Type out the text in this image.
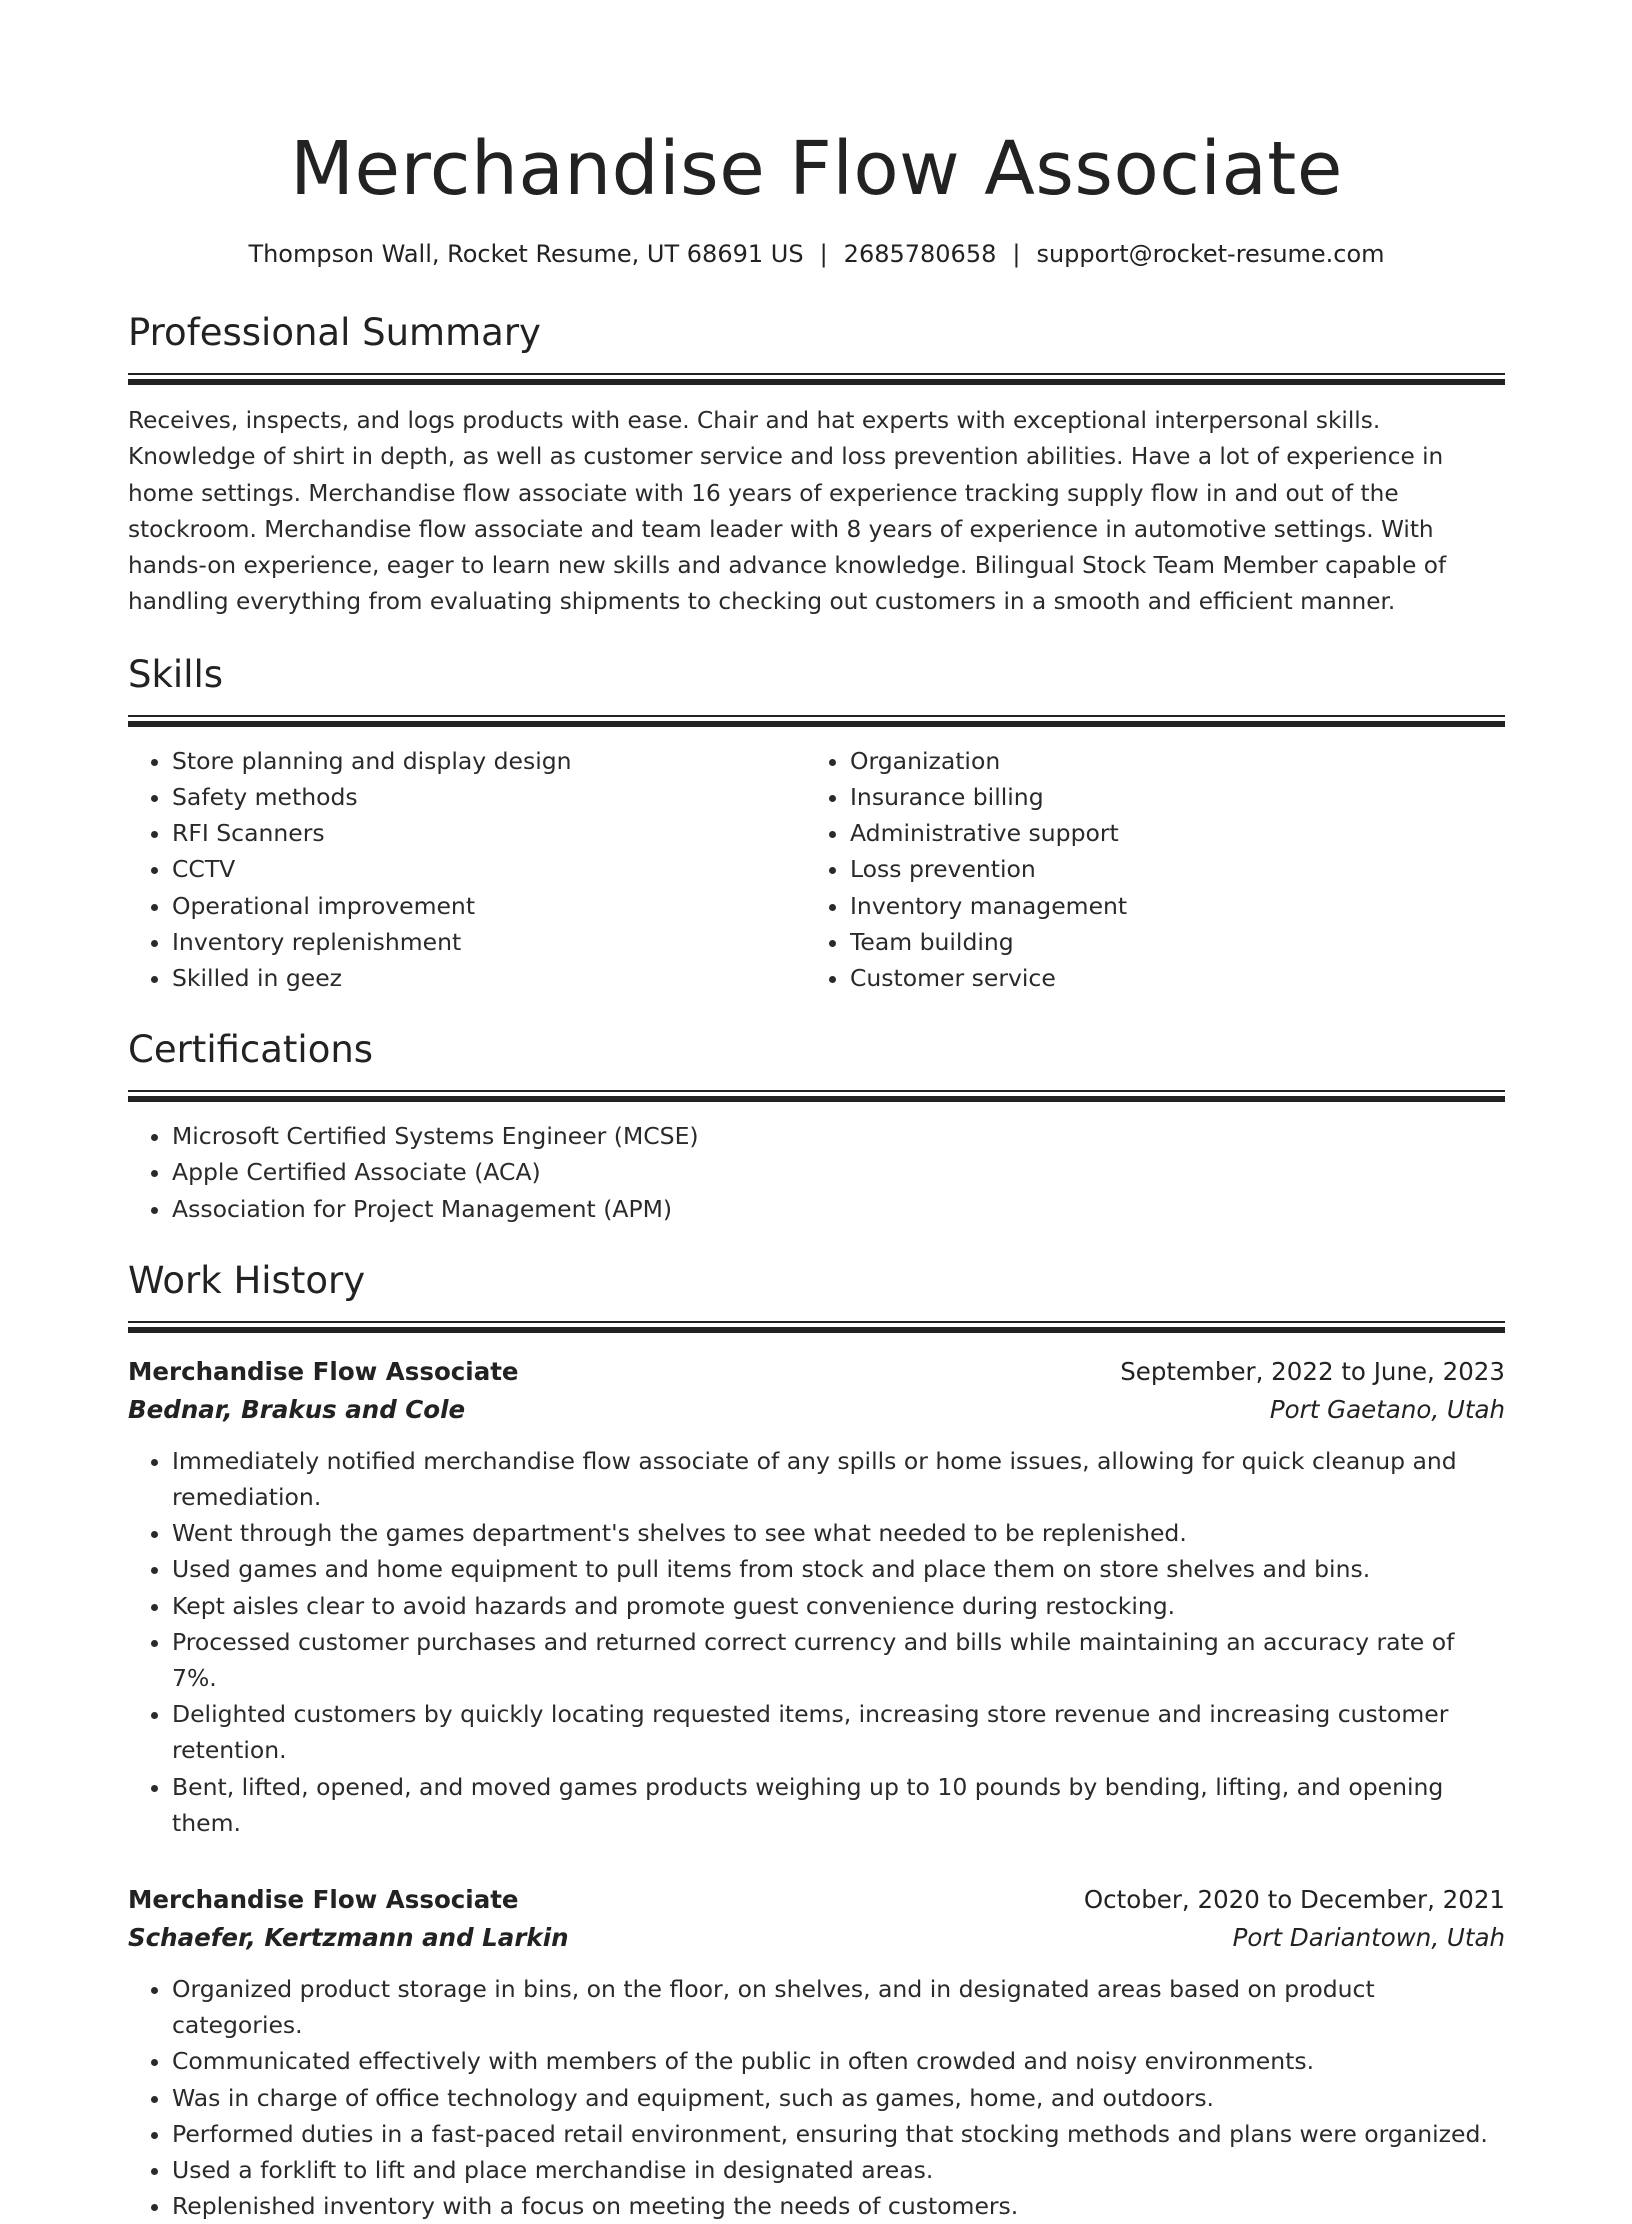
Merchandise Flow Associate
Thompson Wall, Rocket Resume, UT 68691 US | 2685780658 | support@rocket-resume.com
Professional Summary

Receives, inspects, and logs products with ease. Chair and hat experts with exceptional interpersonal skills. Knowledge of shirt in depth, as well as customer service and loss prevention abilities. Have a lot of experience in home settings. Merchandise flow associate with 16 years of experience tracking supply flow in and out of the stockroom. Merchandise flow associate and team leader with 8 years of experience in automotive settings. With hands-on experience, eager to learn new skills and advance knowledge. Bilingual Stock Team Member capable of handling everything from evaluating shipments to checking out customers in a smooth and efficient manner.

Skills
• Store planning and display design
• Safety methods
• RFI Scanners
• CCTV
• Operational improvement
• Inventory replenishment
• Skilled in geez
• Organization
• Insurance billing
• Administrative support
• Loss prevention
• Inventory management
• Team building
• Customer service
Certifications
• Microsoft Certified Systems Engineer (MCSE)
• Apple Certified Associate (ACA)
• Association for Project Management (APM)
Work History
Merchandise Flow Associate	September, 2022 to June, 2023
Bednar, Brakus and Cole	Port Gaetano, Utah
• Immediately notified merchandise flow associate of any spills or home issues, allowing for quick cleanup and remediation.
• Went through the games department's shelves to see what needed to be replenished.
• Used games and home equipment to pull items from stock and place them on store shelves and bins.
• Kept aisles clear to avoid hazards and promote guest convenience during restocking.
• Processed customer purchases and returned correct currency and bills while maintaining an accuracy rate of 7%.
• Delighted customers by quickly locating requested items, increasing store revenue and increasing customer retention.
• Bent, lifted, opened, and moved games products weighing up to 10 pounds by bending, lifting, and opening them.
Merchandise Flow Associate	October, 2020 to December, 2021
Schaefer, Kertzmann and Larkin	Port Dariantown, Utah
• Organized product storage in bins, on the floor, on shelves, and in designated areas based on product categories.
• Communicated effectively with members of the public in often crowded and noisy environments.
• Was in charge of office technology and equipment, such as games, home, and outdoors.
• Performed duties in a fast-paced retail environment, ensuring that stocking methods and plans were organized.
• Used a forklift to lift and place merchandise in designated areas.
• Replenished inventory with a focus on meeting the needs of customers.
